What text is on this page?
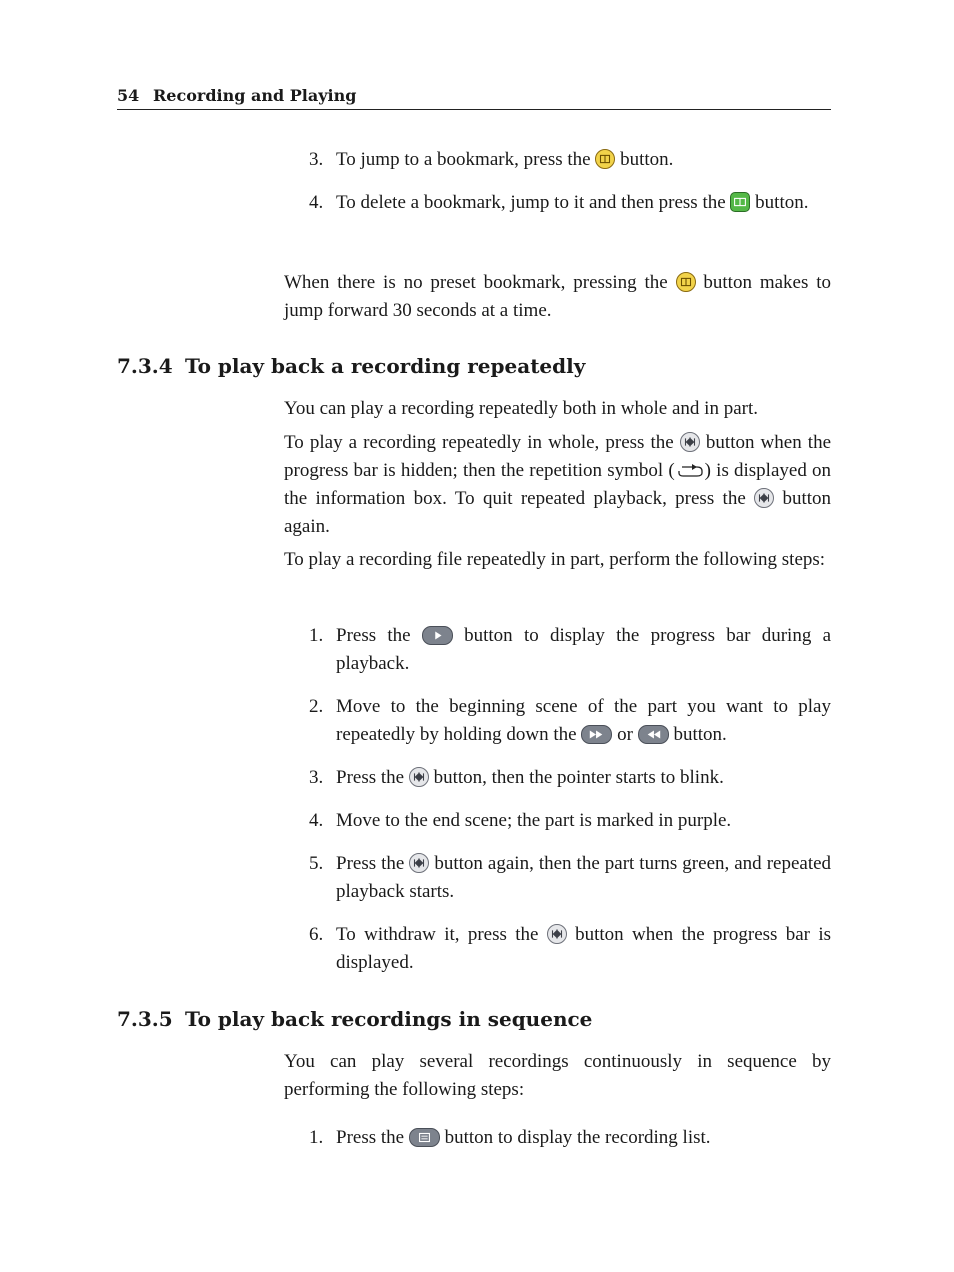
54 Recording and Playing
3. To jump to a bookmark, press the button.
4. To delete a bookmark, jump to it and then press the button.
When there is no preset bookmark, pressing the button makes to jump forward 30 seconds at a time.
7.3.4 To play back a recording repeatedly
You can play a recording repeatedly both in whole and in part.
To play a recording repeatedly in whole, press the button when the progress bar is hidden; then the repetition symbol ( ) is displayed on the information box. To quit repeated playback, press the button again.
To play a recording file repeatedly in part, perform the following steps:
1. Press the	button to display the progress bar during a playback.
2. Move to the beginning scene of the part you want to play repeatedly by holding down the or button.
3. Press the button, then the pointer starts to blink.
4. Move to the end scene; the part is marked in purple.
5. Press the button again, then the part turns green, and repeated playback starts.
6. To withdraw it, press the button when the progress bar is displayed.
7.3.5 To play back recordings in sequence
You can play several recordings continuously in sequence by performing the following steps:
1. Press the button to display the recording list.
